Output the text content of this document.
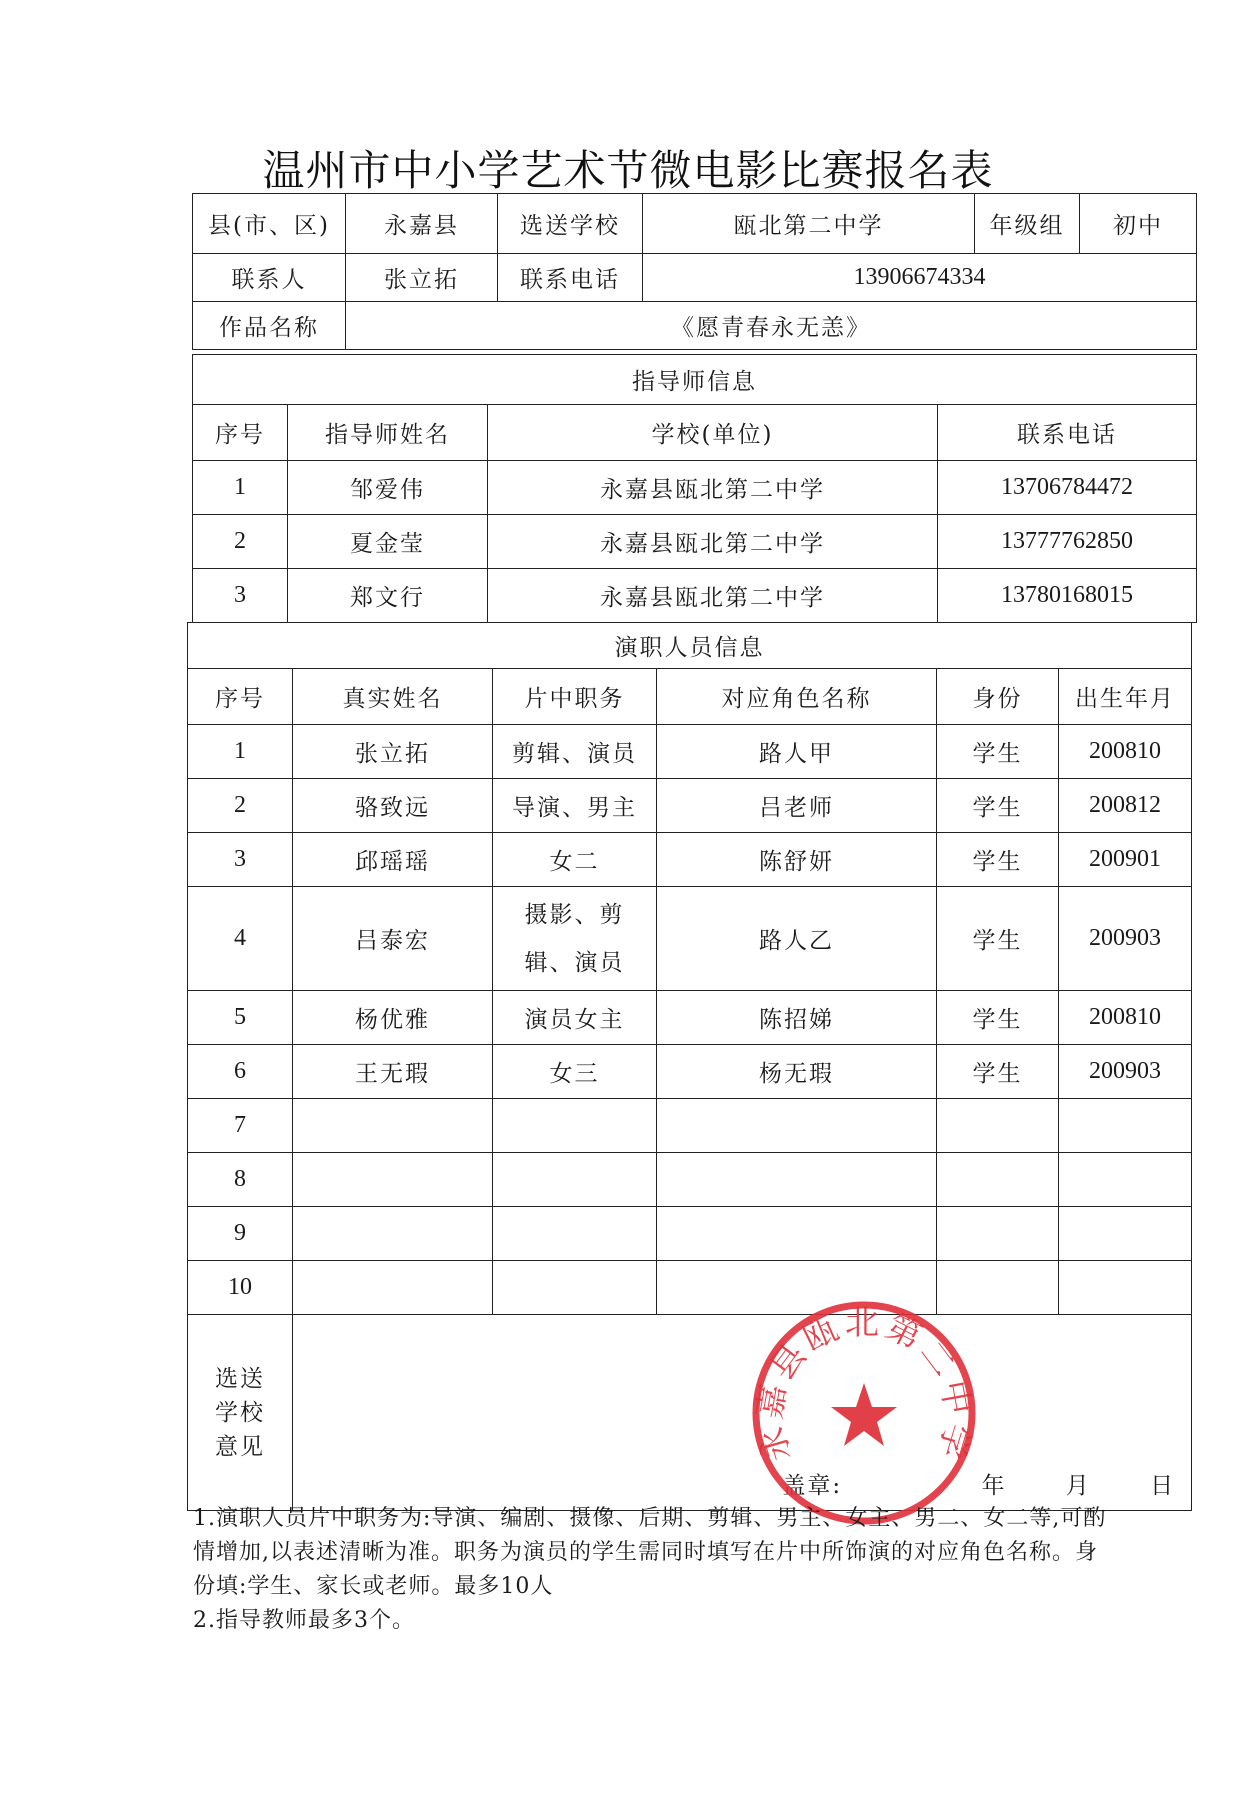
温州市中小学艺术节微电影比赛报名表
县(市、区)	永嘉县	选送学校	瓯北第二中学	年级组	初中
联系人	张立拓	联系电话	13906674334		
作品名称	《愿青春永无恙》				
指导师信息			
序号	指导师姓名	学校(单位)	联系电话
1	邹爱伟	永嘉县瓯北第二中学	13706784472
2	夏金莹	永嘉县瓯北第二中学	13777762850
3	郑文行	永嘉县瓯北第二中学	13780168015
演职人员信息					
序号	真实姓名	片中职务	对应角色名称	身份	出生年月
1	张立拓	剪辑、演员	路人甲	学生	200810
2	骆致远	导演、男主	吕老师	学生	200812
3	邱瑶瑶	女二	陈舒妍	学生	200901
4	吕泰宏	摄影、剪辑、演员	路人乙	学生	200903
5	杨优雅	演员女主	陈招娣	学生	200810
6	王无瑕	女三	杨无瑕	学生	200903
7					
8					
9					
10					

选送学校意见	盖章: 年 月 日				
永嘉县瓯北第二中学

1.演职人员片中职务为:导演、编剧、摄像、后期、剪辑、男主、女主、男二、女二等,可酌情增加,以表述清晰为准。职务为演员的学生需同时填写在片中所饰演的对应角色名称。身份填:学生、家长或老师。最多10人

2.指导教师最多3个。
